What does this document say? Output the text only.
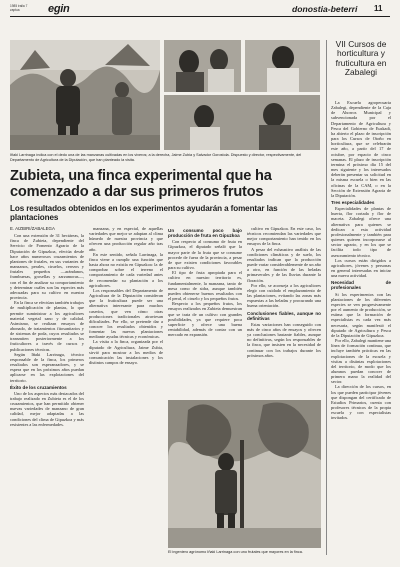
1985 iraila 7
zaptua	egin	donostia-beterri 11
Iñaki Larrinaga índica con el dedo una de las manzanas cultivadas en los viveros; a la derecha, Jaime Zubia y Salvador Gorostola. Dispuesto y director, respectivamente, del Departamento de Agricultura de la Diputación, que han planteado la visita.
Zubieta, una finca experimental que ha comenzado a dar sus primeros frutos
Los resultados obtenidos en los experimentos ayudarán a fomentar las plantaciones
E. AIZBIRI/ZABALEGA

Con una extensión de 31 hectáreas, la finca de Zubieta, dependiente del Servicio de Fomento Agrario de la Diputación de Gipuzkoa, efectúa desde hace años numerosos cruzamientos de plantones de frutales, en sus variantes de manzanos, perales, ciruelos, cerezos y frutales pequeños —arándanos, frambuesas, grosellas y zarzamoras—, con el fin de analizar su comportamiento y determinar cuáles son las especies más adecuadas para su cultivo en nuestra provincia.

En la finca se efectúan también trabajos de multiplicación de plantas, lo que permite suministrar a los agricultores material vegetal sano y de calidad. Asimismo, se realizan ensayos de abonado, de tratamientos fitosanitarios y de sistemas de poda, cuyos resultados se transmiten posteriormente a los fruticultores a través de cursos y publicaciones técnicas.

Según Iñaki Larrinaga, técnico responsable de la finca, los primeros resultados son esperanzadores, y se espera que en los próximos años puedan aplicarse en las explotaciones del territorio.

Éxito de los cruzamientos

Uno de los aspectos más destacados del trabajo realizado en Zubieta es el de los cruzamientos, que han permitido obtener nuevas variedades de manzano de gran calidad, mejor adaptadas a las condiciones del clima de Gipuzkoa y más resistentes a las enfermedades.

manzana, y en especial, de aquellas variedades que mejor se adaptan al clima húmedo de nuestra provincia y que ofrecen una producción regular año tras año.

En este sentido, señala Larrinaga, la finca viene a cumplir una función que hasta ahora no existía en Gipuzkoa: la de comprobar sobre el terreno el comportamiento de cada variedad antes de recomendar su plantación a los agricultores.

Los responsables del Departamento de Agricultura de la Diputación consideran que la fruticultura puede ser una alternativa interesante para muchos caseríos, que ven cómo otras producciones tradicionales atraviesan dificultades. Por ello, se pretende dar a conocer los resultados obtenidos y fomentar las nuevas plantaciones mediante ayudas técnicas y económicas.

La visita a la finca, organizada por el diputado de Agricultura, Jaime Zubia, sirvió para mostrar a los medios de comunicación las instalaciones y los distintos campos de ensayo.

Un consumo poco bajo producción de fruta en Gipuzkoa

Con respecto al consumo de fruta en Gipuzkoa, el diputado señaló que la mayor parte de la fruta que se consume procede de fuera de la provincia, a pesar de que existen condiciones favorables para su cultivo.

El tipo de fruta apropiada para el cultivo en nuestro territorio es, fundamentalmente, la manzana, tanto de mesa como de sidra, aunque también pueden obtenerse buenos resultados con el peral, el ciruelo y los pequeños frutos.

Respecto a los pequeños frutos, los ensayos realizados en Zubieta demuestran que se trata de un cultivo con grandes posibilidades, ya que requiere poca superficie y ofrece una buena rentabilidad, además de contar con un mercado en expansión.

cultivo en Gipuzkoa. En este caso, los técnicos recomiendan las variedades que mejor comportamiento han tenido en los ensayos de la finca.

A pesar del exhaustivo análisis de las condiciones climáticas y de suelo, los resultados indican que la producción puede variar considerablemente de un año a otro, en función de las heladas primaverales y de las lluvias durante la floración.

Por ello, se aconseja a los agricultores elegir con cuidado el emplazamiento de las plantaciones, evitando las zonas más expuestas a las heladas y procurando una buena orientación.

Conclusiones fiables, aunque no definitivas

Estas variaciones han conseguido con más de cinco años de ensayos y ofrecen ya conclusiones bastante fiables, aunque no definitivas, según los responsables de la finca, que insisten en la necesidad de continuar con los trabajos durante los próximos años.

El ingeniero agrónomo Iñaki Larrinaga con uno frutales que mayores en la finca.
VII Cursos de horticultura y fruticultura en Zabalegi

La Escuela agropecuaria Zabalegi, dependiente de la Caja de Ahorros Municipal y subvencionada por el Departamento de Agricultura y Pesca del Gobierno de Euskadi, ha abierto el plazo de inscripción para los Cursos de Otoño en horticultura, que se celebrarán este año, a partir del 17 de octubre, por espacio de cinco semanas. El plazo de inscripción termina el próximo día 15 del mes siguiente y los interesados deberán presentar su solicitud en la misma escuela o bien en las oficinas de la CAM, o en la Sección de Extensión Agraria de la Diputación.

Tres especialidades

Especialidades de plantas de huerta, flor cortada y flor de maceta. Zabalegi ofrece una alternativa para quienes se dedican a esta actividad profesionalmente y también para quienes quieren incorporarse al sector agrario, y en los que se facilita todo tipo de asesoramiento técnico.

Los cursos están dirigidos a agricultores, jóvenes y personas en general interesadas en iniciar una nueva actividad.

Necesidad de profesionales

Si los experimentos con las plantaciones de los diferentes especies se ven progresivamente por el aumento de producción, se estima que la formación de especialistas es cada vez más necesaria, según manifestó el diputado de Agricultura y Pesca de la Diputación de Gipuzkoa.

Por ello, Zabalegi mantiene una línea de formación continua, que incluye también prácticas en las explotaciones de la escuela y visitas a distintas explotaciones del territorio, de modo que los alumnos puedan conocer de primera mano la realidad del sector.

La dirección de los cursos, en los que pueden participar jóvenes que dispongan del certificado de Estudios Primarios, cuenta con profesores técnicos de la propia escuela y con especialistas invitados.
